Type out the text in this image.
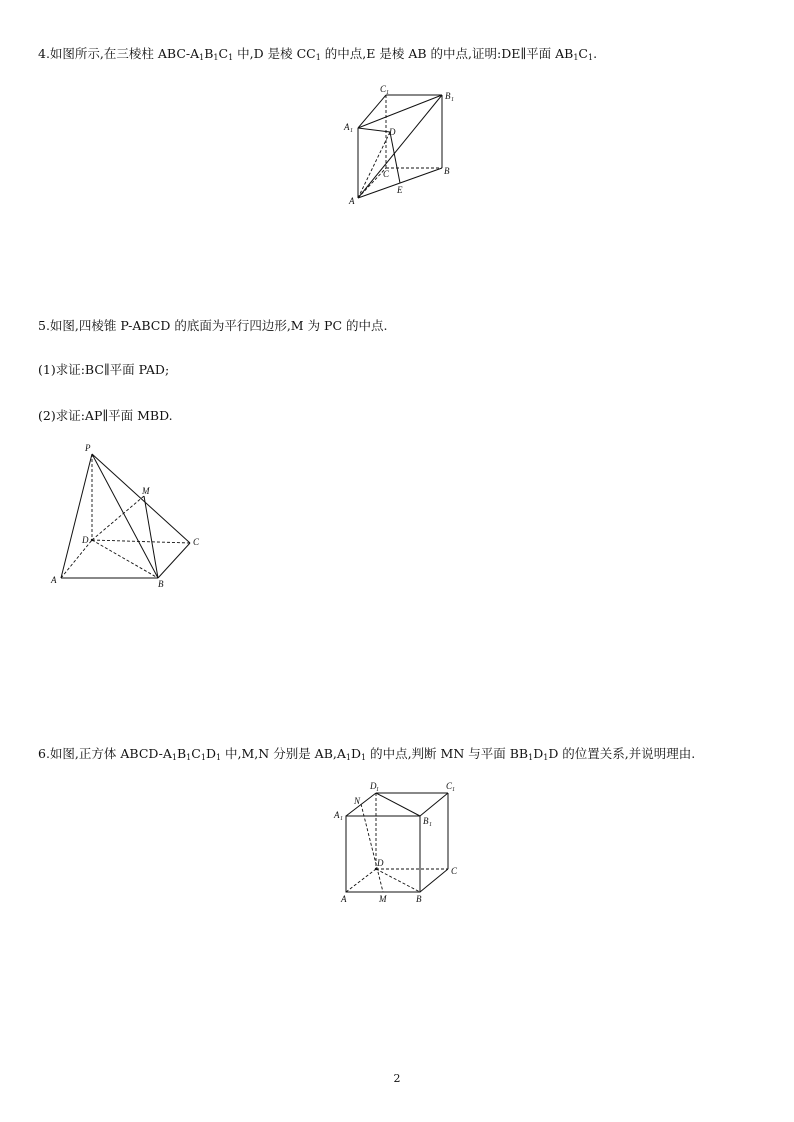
4.如图所示,在三棱柱 ABC-$A_1B_1C_1$ 中,D 是棱 $CC_1$ 的中点,E 是棱 AB 的中点,证明:DE∥平面 $AB_1C_1$.
C 1	B 1
A 1	D
C	B
A
E
5.如图,四棱锥 P-ABCD 的底面为平行四边形,M 为 PC 的中点.
(1)求证:BC∥平面 PAD;
(2)求证:AP∥平面 MBD.
P
M
D	C
A	B
6.如图,正方体 ABCD-$A_1B_1C_1D_1$ 中,M,N 分别是 $AB,A_1D_1$ 的中点,判断 MN 与平面 $BB_1D_1D$ 的位置关系,并说明理由.
D 1	C 1
N
A 1	B 1
D
C
A	M	B
2
